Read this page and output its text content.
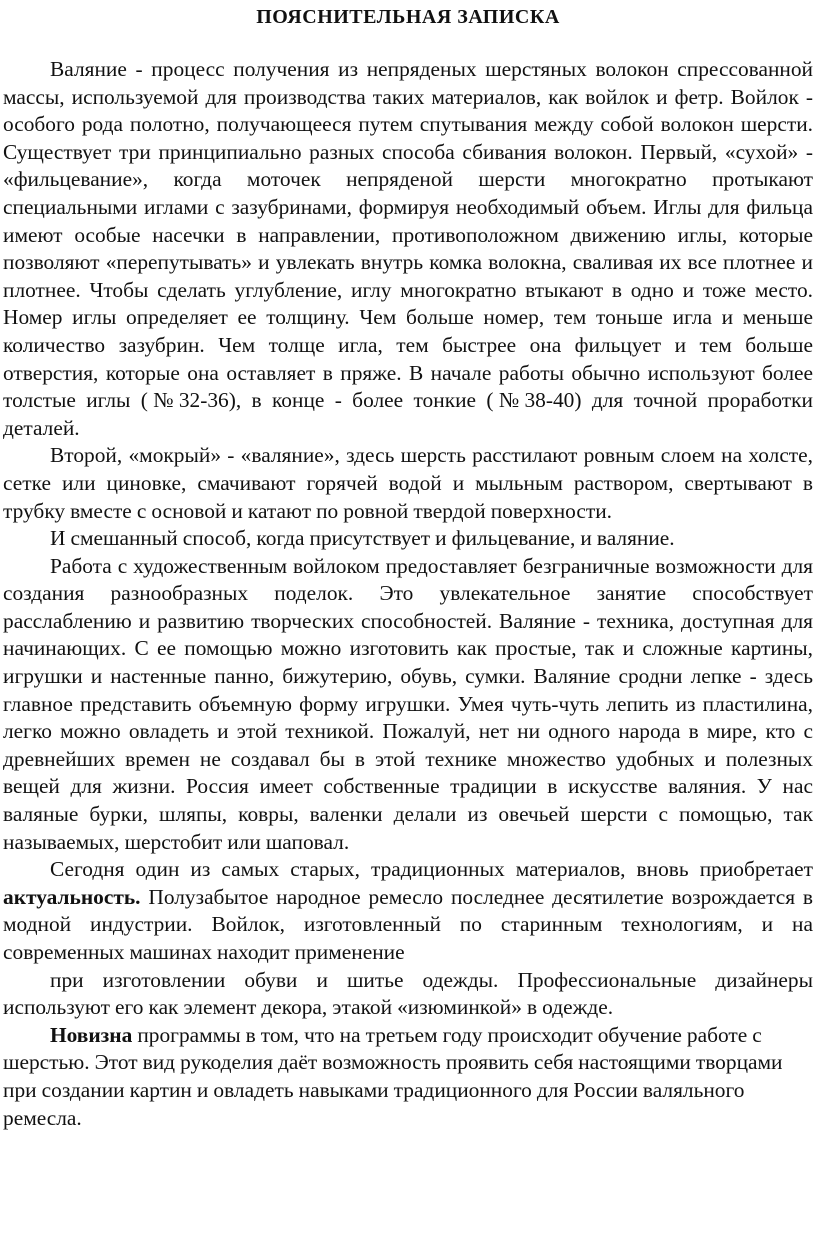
ПОЯСНИТЕЛЬНАЯ ЗАПИСКА

Валяние - процесс получения из непряденых шерстяных волокон спрессованной массы, используемой для производства таких материалов, как войлок и фетр. Войлок - особого рода полотно, получающееся путем спутывания между собой волокон шерсти. Существует три принципиально разных способа сбивания волокон. Первый, «сухой» - «фильцевание», когда моточек непряденой шерсти многократно протыкают специальными иглами с зазубринами, формируя необходимый объем. Иглы для фильца имеют особые насечки в направлении, противоположном движению иглы, которые позволяют «перепутывать» и увлекать внутрь комка волокна, сваливая их все плотнее и плотнее. Чтобы сделать углубление, иглу многократно втыкают в одно и тоже место. Номер иглы определяет ее толщину. Чем больше номер, тем тоньше игла и меньше количество зазубрин. Чем толще игла, тем быстрее она фильцует и тем больше отверстия, которые она оставляет в пряже. В начале работы обычно используют более толстые иглы (№32-36), в конце - более тонкие (№38-40) для точной проработки деталей.

Второй, «мокрый» - «валяние», здесь шерсть расстилают ровным слоем на холсте, сетке или циновке, смачивают горячей водой и мыльным раствором, свертывают в трубку вместе с основой и катают по ровной твердой поверхности.

И смешанный способ, когда присутствует и фильцевание, и валяние.

Работа с художественным войлоком предоставляет безграничные возможности для создания разнообразных поделок. Это увлекательное занятие способствует расслаблению и развитию творческих способностей. Валяние - техника, доступная для начинающих. С ее помощью можно изготовить как простые, так и сложные картины, игрушки и настенные панно, бижутерию, обувь, сумки. Валяние сродни лепке - здесь главное представить объемную форму игрушки. Умея чуть-чуть лепить из пластилина, легко можно овладеть и этой техникой. Пожалуй, нет ни одного народа в мире, кто с древнейших времен не создавал бы в этой технике множество удобных и полезных вещей для жизни. Россия имеет собственные традиции в искусстве валяния. У нас валяные бурки, шляпы, ковры, валенки делали из овечьей шерсти с помощью, так называемых, шерстобит или шаповал.

Сегодня один из самых старых, традиционных материалов, вновь приобретает актуальность. Полузабытое народное ремесло последнее десятилетие возрождается в модной индустрии. Войлок, изготовленный по старинным технологиям, и на современных машинах находит применение

при изготовлении обуви и шитье одежды. Профессиональные дизайнеры используют его как элемент декора, этакой «изюминкой» в одежде.

Новизна программы в том, что на третьем году происходит обучение работе с шерстью. Этот вид рукоделия даёт возможность проявить себя настоящими творцами при создании картин и овладеть навыками традиционного для России валяльного ремесла.
